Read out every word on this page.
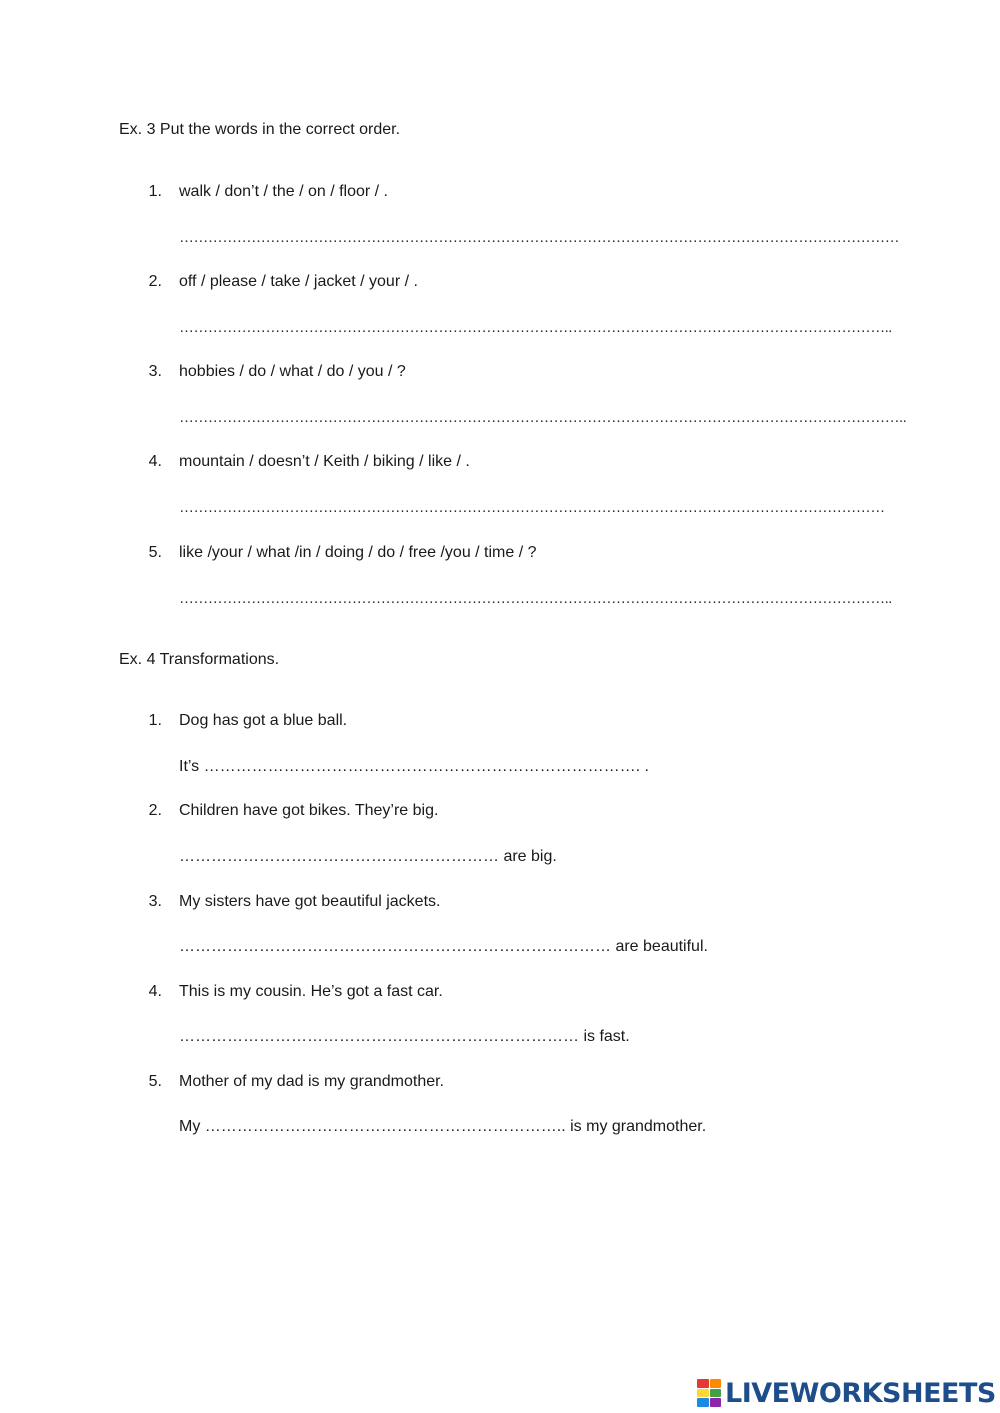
Ex. 3 Put the words in the correct order.
1. walk / don’t / the / on / floor / .
……………………………………………………………………………………………………………………………………
2. off / please / take / jacket / your / .
…………………………………………………………………………………………………………………………………..
3. hobbies / do / what / do / you / ?
……………………………………………………………………………………………………………………………………..
4. mountain / doesn’t / Keith / biking / like / .
…………………………………………………………………………………………………………………………………
5. like /your / what /in / doing / do / free /you / time / ?
…………………………………………………………………………………………………………………………………..
Ex. 4 Transformations.
1. Dog has got a blue ball.
It’s ………………………………………………………………………. .
2. Children have got bikes. They’re big.
…………………………………………………… are big.
3. My sisters have got beautiful jackets.
……………………………………………………………………… are beautiful.
4. This is my cousin. He’s got a fast car.
………………………………………………………………… is fast.
5. Mother of my dad is my grandmother.
My ………………………………………………………….. is my grandmother.
LIVEWORKSHEETS
